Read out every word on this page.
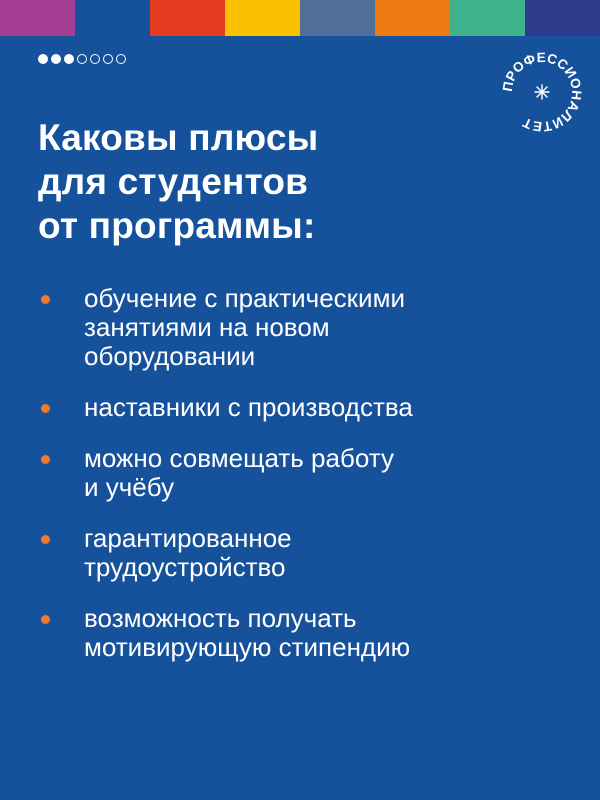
ПРОФЕССИОНАЛИТЕТ
Каковы плюсы
для студентов
от программы:
обучение с практическими
занятиями на новом
оборудовании
наставники с производства
можно совмещать работу
и учёбу
гарантированное
трудоустройство
возможность получать
мотивирующую стипендию
